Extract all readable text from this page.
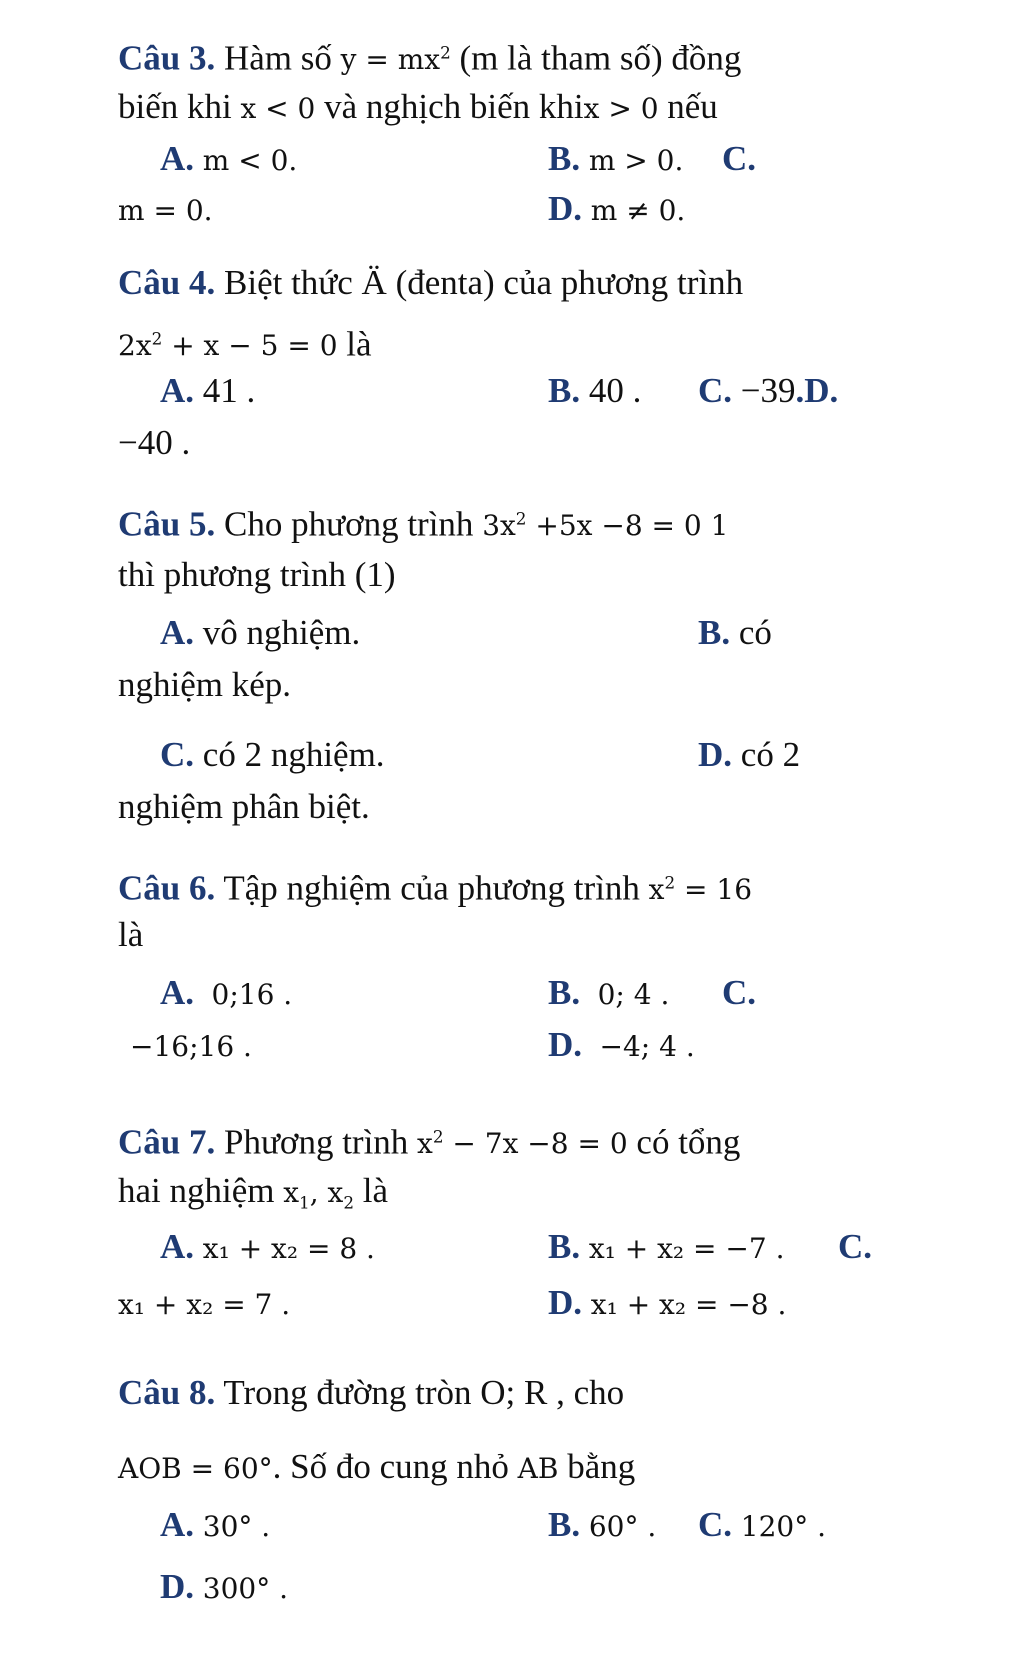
Câu 3. Hàm số $y = mx^2$ (m là tham số) đồng
biến khi x < 0 và nghịch biến khix > 0 nếu
A. m < 0.	B. m > 0. C.
m = 0.	D. m ≠ 0.
Câu 4. Biệt thức Ä (đenta) của phương trình
$2x^2 + x - 5 = 0$ là
A. 41 .	B. 40 . C. −39.D.
−40 .
Câu 5. Cho phương trình $3x^2 +5x -8 = 0$ 1
thì phương trình (1)
A. vô nghiệm.	B. có
nghiệm kép.
C. có 2 nghiệm.	D. có 2
nghiệm phân biệt.
Câu 6. Tập nghiệm của phương trình $x^2 = 16$
là
A. 0;16 .	B. 0; 4 . C.
−16;16 .	D. −4; 4 .
Câu 7. Phương trình $x^2 - 7x -8 = 0$ có tổng
hai nghiệm $x_1$, $x_2$ là
A. x₁ + x₂ = 8 .	B. x₁ + x₂ = −7 . C.
x₁ + x₂ = 7 .	D. x₁ + x₂ = −8 .
Câu 8. Trong đường tròn O; R , cho
AOB = 60°. Số đo cung nhỏ AB bằng
A. 30° .	B. 60° . C. 120° .
D. 300° .
